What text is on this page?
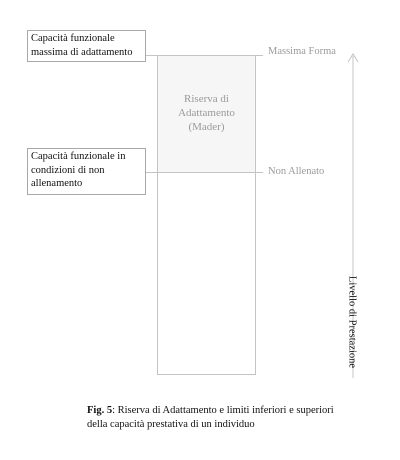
Capacità funzionale massima di adattamento
Capacità funzionale in condizioni di non allenamento
Riserva di
Adattamento
(Mader)
Massima Forma
Non Allenato
Livello di Prestazione
Fig. 5: Riserva di Adattamento e limiti inferiori e superiori della capacità prestativa di un individuo
